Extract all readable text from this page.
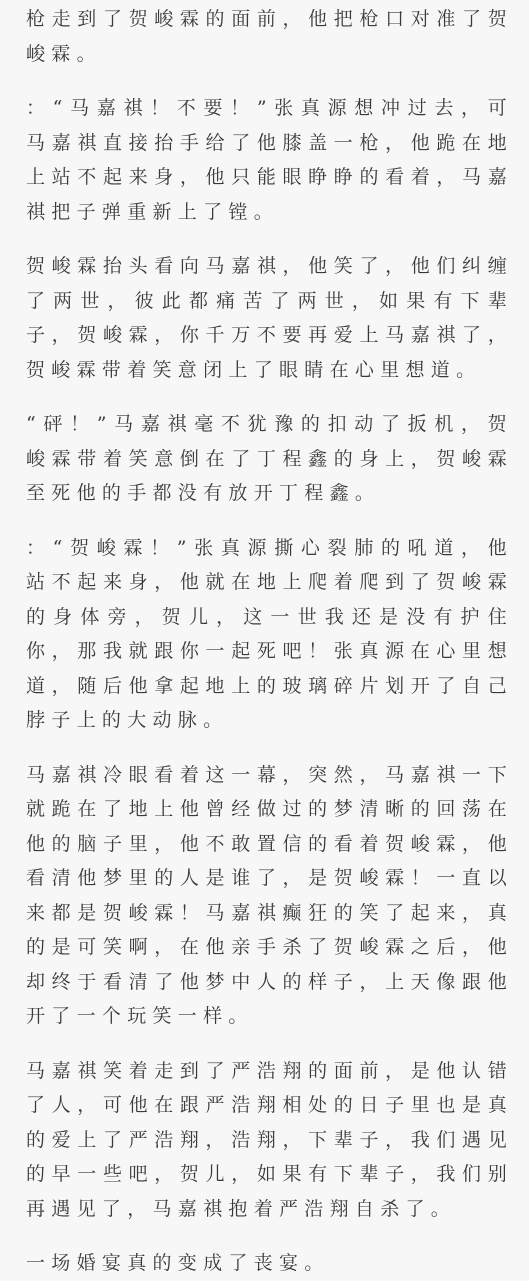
枪走到了贺峻霖的面前，他把枪口对准了贺峻霖。

：“马嘉祺！不要！”张真源想冲过去，可马嘉祺直接抬手给了他膝盖一枪，他跪在地上站不起来身，他只能眼睁睁的看着，马嘉祺把子弹重新上了镗。

贺峻霖抬头看向马嘉祺，他笑了，他们纠缠了两世，彼此都痛苦了两世，如果有下辈子，贺峻霖，你千万不要再爱上马嘉祺了，贺峻霖带着笑意闭上了眼睛在心里想道。

“砰！”马嘉祺毫不犹豫的扣动了扳机，贺峻霖带着笑意倒在了丁程鑫的身上，贺峻霖至死他的手都没有放开丁程鑫。

：“贺峻霖！”张真源撕心裂肺的吼道，他站不起来身，他就在地上爬着爬到了贺峻霖的身体旁，贺儿，这一世我还是没有护住你，那我就跟你一起死吧！张真源在心里想道，随后他拿起地上的玻璃碎片划开了自己脖子上的大动脉。

马嘉祺冷眼看着这一幕，突然，马嘉祺一下就跪在了地上他曾经做过的梦清晰的回荡在他的脑子里，他不敢置信的看着贺峻霖，他看清他梦里的人是谁了，是贺峻霖！一直以来都是贺峻霖！马嘉祺癫狂的笑了起来，真的是可笑啊，在他亲手杀了贺峻霖之后，他却终于看清了他梦中人的样子，上天像跟他开了一个玩笑一样。

马嘉祺笑着走到了严浩翔的面前，是他认错了人，可他在跟严浩翔相处的日子里也是真的爱上了严浩翔，浩翔，下辈子，我们遇见的早一些吧，贺儿，如果有下辈子，我们别再遇见了，马嘉祺抱着严浩翔自杀了。

一场婚宴真的变成了丧宴。
